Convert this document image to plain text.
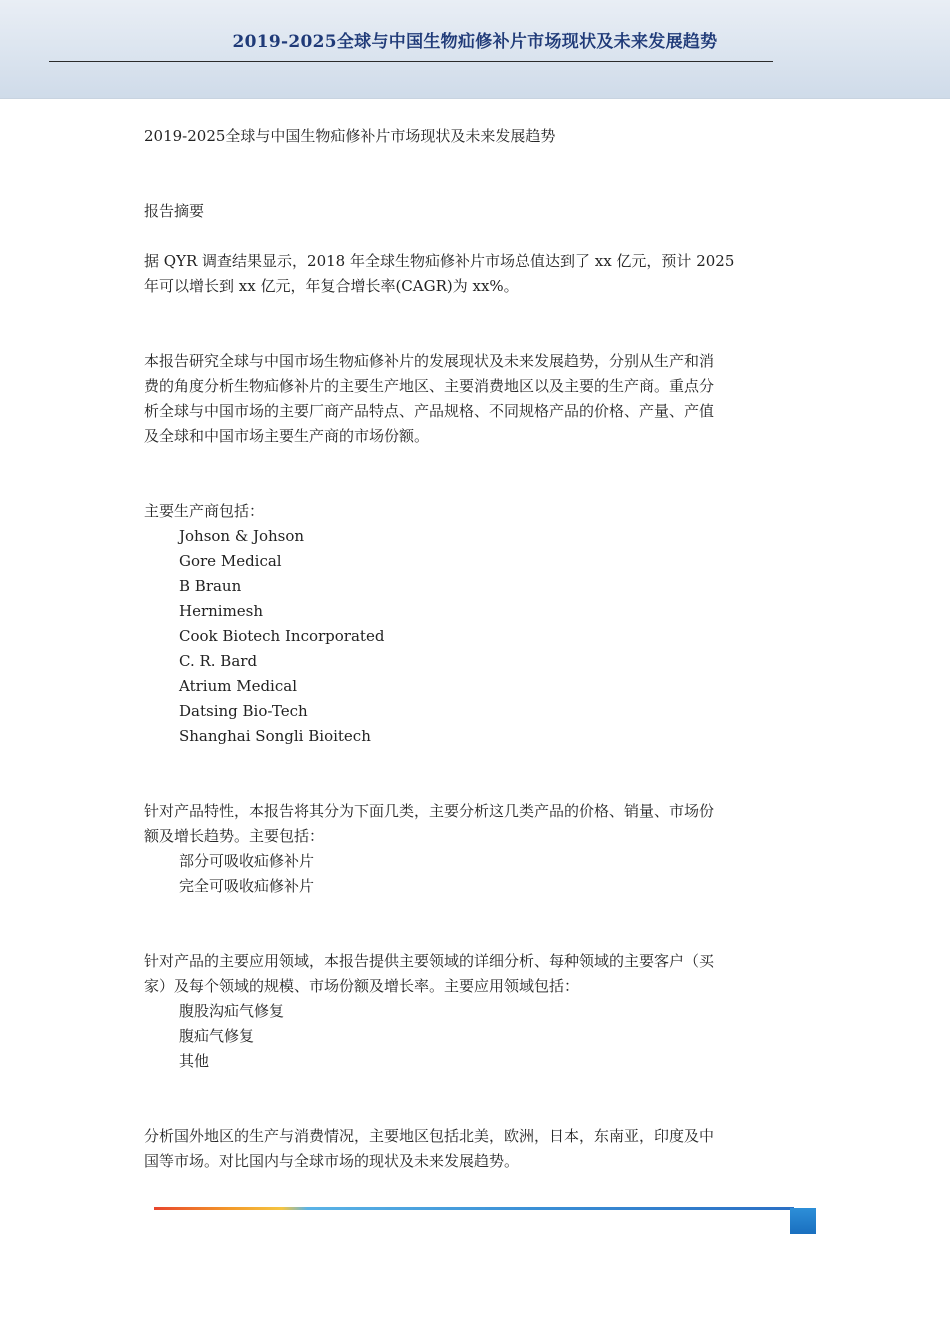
2019-2025全球与中国生物疝修补片市场现状及未来发展趋势

2019-2025全球与中国生物疝修补片市场现状及未来发展趋势

报告摘要

据 QYR 调查结果显示，2018 年全球生物疝修补片市场总值达到了 xx 亿元，预计 2025
年可以增长到 xx 亿元，年复合增长率(CAGR)为 xx%。
本报告研究全球与中国市场生物疝修补片的发展现状及未来发展趋势，分别从生产和消
费的角度分析生物疝修补片的主要生产地区、主要消费地区以及主要的生产商。重点分
析全球与中国市场的主要厂商产品特点、产品规格、不同规格产品的价格、产量、产值
及全球和中国市场主要生产商的市场份额。
主要生产商包括：
Johson & Johson
Gore Medical
B Braun
Hernimesh
Cook Biotech Incorporated
C. R. Bard
Atrium Medical
Datsing Bio-Tech
Shanghai Songli Bioitech
针对产品特性，本报告将其分为下面几类，主要分析这几类产品的价格、销量、市场份
额及增长趋势。主要包括：
部分可吸收疝修补片
完全可吸收疝修补片
针对产品的主要应用领域，本报告提供主要领域的详细分析、每种领域的主要客户（买
家）及每个领域的规模、市场份额及增长率。主要应用领域包括：
腹股沟疝气修复
腹疝气修复
其他
分析国外地区的生产与消费情况，主要地区包括北美，欧洲，日本，东南亚，印度及中
国等市场。对比国内与全球市场的现状及未来发展趋势。
